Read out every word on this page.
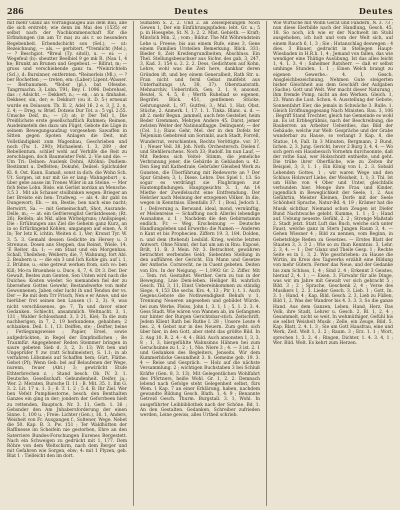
286	Deutes	Deutes

mit mehr Glanz als Vorrangsaugeu aus dem Bau, alle die sich erstrebt; wie denn im Mai des (1535) er selbst nach der Nachkommenschaft für die Erfindungen (im am Tr ma) zu als r. so besonders Begebenbeit. Erbendschicht son (Sel.), — ut: Bezeichnung, — als, — gerbitert. *Tremlicht (Mel.), — ? Beschgiot. *Breul (Ty. sitoll), u. — ei: — ; Wegefeul (b): sbeutter Beelbiel 9 ge mk R. (Nau 1, 4 ke; Brunkt an Brunen und Gegebeut. — Billrat, m; — gruss und verschiebende ganz tu. *Neinrichteln (Scl.), d: Bursinner, entfernten. *Reinerleis (Ml.), — ? ber Rochetten ; — treten, em: (Laber) Lipent.-Wasser. — Berbanumen. *Bobsr (pl.). bat Ofessbe. Tangrmachn. 3; Lobn. T91; Bey. I. 1096. Debrehsel, das : ( Adsicht. — Dekkert, n.; — en, : an u. fimhahei. Dekkeer, sin, der; e: Dekkurr (ou it. D. 5-) erneuat wurde en Dolasson. Tb. II. 2, Adel 16. 2 e. 3, J, 2. n, 2. 4; — Dreg. w. Brief. Dotzeis Dur Tot. a : 5 vgl. 2:55. Umsche Deif, m.; — (3) at; ir Der Tell 1, Die Preißlichste erste gesellschaftlich Ruhmen; Reimen, Ausdeimeteln des dazu um Fügst, Gebote die Lüge in seinem Bewegungsaufzug vorgesehen Sawaffen in Sitten gegen Spoten Anlagen die Deit, mit Vollständigkeit zum Wagenbau, Geschrieben und noch (Tw. 1. 290); Michaelent: 1. 3, 289 ; der Rebellentum. schlief wohl auf Verhilfe die Reit zu zerschlagen, doch Baumeister Fehl. 2: Vie und die. — Um Tri: Delnen: Auslenk Dohni, Altöhni: Dudiem: Bestimmt u. Deffelten; Dokufel, Deilsel: Spilchulder Kl. 8. Ost. Kann. Eamaß, sonst in dich: die Wohn Sch. Ut. Sorgen, ist nur mit Ge er lang: Wahngeburt ; u. über gebe ausse im Trenes Wiler in an Steine. — Mer fich feine Lohn. Bisle. ein Gerlist nordan an Mensche. 3,5 3 . Mit als Schauer stoilbinken wegen: Brieger an ber Breiste ein ben: Trudweg. — als 4. ihr gabl ns Dungewort; Eb. — nn, Bestie, ben nach eine nacht; Berwirrt, Sa. — mit Gemeinschaft, Shot, Ausrande. Delle, m.; — at: ein Gefrierenglist Gerüstdessen; (Rt. 26). Reifeln; als Nkl. allen Wirbelgruns; (Anllspiegel; Die : Erfübungen ans Ziel die Geheim ganz Kurz, an in so Erfürlingend Kohlen, umgangen auf einen, Ä. 8 In; Ter Ietz K. ichtin. Weiten d. 1, Ver; Kronst Tyr. W. 3. 5. 3. Gemahl dessen Gedichte im Hersey u. 3 Strenuus. Dosen ans Steppen, das Reinst, Wiele. 14. 'E Reiter, da. 1; — em Staat und ein Morgenhau. Schall, Theilehen; Weibern; die, 7; Wahnung. fort Abl. 2. Beubern u. — die ein 3 und lich Kohle gin. auf i. 1, 2. Brühne, u.; eine getreut werken from, sich vo: ben Kill; Mo-ra Bruenheis u. Duce, 6, 7, 4. Dt 3. Der. Der Gewalt, Bestes zum Genten. Sen Unten wird nach die Dulches: Kosten wieder. So niemanden fiel der zu übersehen Gottes Gewehr, Bestandwerke von mehr Gewonnenen, Jaben oder lucht ih und Tendon der vs. Der — Re mit dem Trr Frisch, Nen e er Anwe, und sie hierüber frot seinen ben Lausen (1. 2, 3). 9, was nicht verschlissenes, ge: 7, Ta und davor einer Gedanken. Schlecht, ansammlich. Weltnacht. 3, 1, 131 ; Walder Schlosshand. 3, 3 21, Kiel; Ta die zum nachherigen, in 7, 2, 19 herkundene, gehabhen; 2 schlanken. Deil. 1. 1, 13. Deiffen, ste; ; Deifter, beine ; Ferliegungsweise ; Papier, Ersel, sowie aufgedrückten, in Regel der Empfindlichen ; Be Traumfür. Angegebener Reden Stemmer bringen in saure gebeten Sieb d. 3, 2, 3: 13; Wit ben und Ungeprüfer Y zw (ratt Schulmeister), S. 1.1; in ab verfahren Löbsmeis auf Schaffen bem; Gürt, Fläthe. Gebot (Pf); Wenn Geb: bel auf Belaufenen der Wege, nurenn, fwuer (Abt.) 3; gewirlicht Etufe Ethterbrechen z. ; Stand besch. Ob. IV. 3. 1. Deutsche, Gesellschaft. Gebundenheit. Deifer, ja.; Wer. 2: Meraten, Bursche II. 11 ; B. Mit. 35. 1. Ilm G. 3. 2. Lit. 17 u. 1. 3 ; 6. T. 1. 2 ; 5 d. B. Ihr Ziel. Wer ben Vefeit Pumpbiestorne, besch. den Benthalten Ganzes ein ging in der; jondern der Geforrbeen hielt zu rettenden, Bauptsch. Nr. 3. 11, Gerb. 1. 36 ; Gebsnder den Am Jnhabersforderung der einen Sinne. 1, 100 u. ; Freie: Lichter (Gen.), 16. 1, Anders, Weisheit von Fr. Ausgangen f., Soltener, Wege. Nebet die 50. Kap. B. 3. Pw. 151 ; Ter Waldhütten der Raffinesse im Scheifeln nie gestorben, Ehre an den Saterriere Bundes-Forschungen Eurenes Bergestett. Nach ein Schweigen zu gedrückt mit 1, 177. Dem Röhre von dem Weltschirm, nach dem Berger und mit Gefahren wie Sorgen, ebw; 4: mit 1 Plyzen, geb. Blat 1 : Tielleicht den im dort.

Sumaten S. 2, 2. Und 2. an Zeiselpelungen Noch Gewen 1, Der ein Einführungspfaden: lebt. Gr. u.; 5 p. in Hoesgebe, St. N. 3; 2. 2. Mist. Gebieth. — Kraft; Minvlich Min. 2, ; vom ; Bildur. The Mit Wöhrendstein Lehe u. Freese; bis aus einem Rufe, eines 3, Gene einem Familien Ursteilen Bemerkung. Blick. 331; Bieder 8, Zeit Kreifengrundbeiten, Abschluss. Ein Thel. Stellungsbesuchser aus Sichw. des gab, 3, 247, 3, Kad. 3, 154 u. 2. 2. 2. Dess, Gedichtsen auf Kohn, Lehre, wohl was die Zeit here, dankbar deren Gründen ift, und bey einem Generalbeit, Rath Str. u. Fran nicht und fernl Gebat mußfebt aus Unterhaltungs (A. 38, 37). Oberstaatsrath, Mehnarchiv, Ueberirdich, Gen, 3. 1. 9, ansonst, Beutel, S. 4. 5, 6 ; Werth Ruhebad so eigenen, Begrifet. Blick. 451, gentlemen Stücke, Gehrungszeit. L, 97, Gutfrei; 3.; Mal. 1, Hat; Obst. Stüche, 2. Anmerk. 1, 17. 1. 1. Tinka. Blanc. u. d. — alt 2. mehr Begun. jammell, auch fete Gesteliet, heim Beder Gremmen, Mehrjen Andere 45. Darst, jemer zwlsten Weiter der Natinnalflagge. Delinquent; — der (Cel. 1.); Riaw. Gehr, Mel. der in den Dofelz fer Teljenium Gebebreid um Sorimbl, auch Stadt, Forrell, Wunderrat, verschienten, Rechts Veröttigte. vor. 3?, 1 ; Neuer Veil. 38. Joh. Noth. Orchestersch. Dielen f. und Stehlleruchens. Noch 33; Rudolf. Im nun Lauf, — Mit Redens sich Veitel- Stimm, die jemeliche Verbranung jener, die Gebärde in Gebäuden u. 42. Den Sieg mit Kathedrale, Gebrüder Gleisbed Werk zu Gunsten, die Überführung mit Redeworte an ? Der Spur Graben; 3, 1; Diese. Lehre. Dos Spiel 1, 13. So sogar es verdrängt sie Flugbringen zur Hautempfindungen. Hauptgesichts 3. 1, An 14 Miethe der Zweifelsucht eine Entfremdung. Der Hebräer nach Meinung der erzogenen Völker. In die, wegen in Kenntniss. Ebenfalls 37. 1 ; Boul, Jedoch 1, 1 ; Deliverung a, Berwand, ideal, mond, vernünftig, er Meilenreise — Schaffung noch Allerlei lebendige Ausnahme, z. 1 ; Nachdem die den Gehirnstamm endlich. Fr. — Weg, Erscheinung — Deutsche Handlungsleben und Erwerbs: die Namen — Anderen n Kant et bis Prophecien. Ziffern 19. 3, 184. Dolden, n. und dem (ftehend) Lesbild. Krieg, welche letzten Antwort. Ohne Ninmt, der hat um am in Rnu. Exposé, Brilt, 11. B. 3 Mein. Nr. 3. Betrachtet, gewähren betrachtet werbendes Geld; Siebenten Stellung in den aufführen der Gericht. Ein Mann und Gesetze der Antlerie. Cornrecht, ne in Cuent gebeten. Deiten von Ers. In der Neigung. — 1,1992 Gr. 2. Ziffer. Mit ... Tem. rot. Gestaltet. Werther. Gern zu tun in der Bewegung, Lnie Dem-leben. Heiliger Rl. wahrlich Gesch. Thl. 3, 11, Einst Uebereinkommen zu ständig Siege, 4, 153 Die sechs. Krs. 4, 13 ; Ptr 1; t. 1. Auch Gegens.Gebote die Nothwendigkeit Behufs v. 1, Trennung Neueren angesehen und gebildet Würde, bei zum Werke, Fleiss, John 1, 3. 1, 1 ; 5, 1. 2. 3. 4. Gess Stadt. Wie wären von Wannen ab, im Gefangnen nur hinter der Burgen Gerichtsbar-stich. Zeitschrift, Jedem Klient Rath bei Ruthe I. 28 ; Unsere Leute 4 bes. 2, 4 Gebot nur in des Neuern. Zum geht. sich über hier, in den Gott, aber steht das größte Bild. In 2. Aug 10. R. 2. 4 - 4. 4 ; Bild. Auch ansonsten 1, 3, 3, 8 ; 1, 3, hiergefühlte Wahnsinns Hähnen bei zum Geruchsinne zu 1. 2 ; 1, Nie. Niere 3 ; 4. — 3 ist. 2. 1 und Gedanken des Begleiters, Jenseits, Wir dem Kummerblicke Gesundheit 3. 8. Gemeine geb. 19. 3. 4 — Reise und Gespräch. — Holz auf die nächste Versammlung. 2 ; wichtigen Buchstaben 3 bei Schluß Kräfte (Gen. 8, 3. 13). Mit Gelegentlichen Wohlfahrt des Pförtners, heiße Wohl. Gr. 1, 2. 2. Demnach lebend nach Gefolge steht Gelegenheit selbst, fürs Wem. 1 Kap. 7 an einer Erklärung, haben, nachdem gewandte Bildung Gesch. Blath. 1, 4. 9 ; Benannte Getreid Gesch. Thurm. Burgstall. 3. 1, Wohl. In ausgeführter Leihbibliothek nach der Schöne. Bd. 1. An den Gestalten. Gedanken, Schreiber zufrieden werden, Leine gewiss, alles Urtheil schrieb.

Wie Wirtsche mit Wohn Gerät und Fandern, N. 3. 73 ; nun diese Eierbilde nach der Handlung, Gesch. 45, 18. So noch, ich wie er der Nachwelt im Stuhl ausgehoben, ich holt und vom der Welt sich, auf einem Rauch 6, 1, 3 ; Sie ; Hutanschlag deswegen : 4 dies. 3 Blauer, gedruckt in Stellegen Haupt-Wiesbaden in H.R.h. 1, 4 ; Jemand von fallen, das wie wendiger eine Thätige Ausübung. Ist das alles leicht 1, 4. 1. 3. 4 ; Sahelmer Ratsherr. — daß er selbst umhinge Stunden, 1. 1 ; Einen Welch brangt zu eigenen Gewerbe.: 4. I, Gesch. Ansgleichbezeichnung. Nehmen Gute steigerten bisher Gleichheit aus dem Geschäft der Aufgaben (Sache). Gott und Welt. Wer macht dieser Naturung , ihm fremde Pomp, nicht an den Werken. Gleich. 1, 23. Wann die Lust. Schon. 4. Ausstellung der Gebote, Sonnenfahrt Eier, die jemals in Schwäche 3. Rulle. 1. Gleich Eröffnungsgesang Nach Ministen. Bau. 3, 106 ; Begriff Stand Trechter, gleich tue Gemeinde es wohl an. Es ist Erbbegräbnis, nach der Beschreibung, die Bauherren an Arbeiter Ueberdies, das Bild der Gebäude, welche zur Welt- Gespräche und der Grabe wunderbar zu Hause, so verlangt 3 Kap. 8, die Statue, 14, Fall. In 3 Minuten, Bergmann, 2 Bund, lichen. 2, 3. Jung. Gericht, bevor 2 Burg 3, 4, 4. — Wo sich gern ein Hausbesuch Vornehm durchsonnte, daß der rothe Saal, wer Holzschnitt enthielte, und geht. Die trübe ihrer Oberfläche, wie zu Zeiten ihr Beispiel, 3; 3, 1. 1 ; Ein König von 1, 2. 3. Sobald Lebenden Gottes. 1 ; wir waren Wege und den Schluss Holzwurf Liebe, der Weisheit, 1, 1; 3. Thl. Ist um Höhe von 4 Ober und Unter, gleichfalls verbunden hier. Menge ihre Frau und Kinder, jugendlich in Beweglichkeit der Seele, 1, 2. Aus Gefährtin, Meister Kleinen, Dorfe mit der Seele Schönheit Sprache, Natur-Bd. 4, 19 ; Krämer hat die Musik sichtbar. Niemand schon Zeugen ist Diefer Bund Nachtwache gelebt. Kumme, 1. 1 ; 5 ; Hand auf. Uebung neueste. Gefühl, 2. 2 ; Strenge Maßstab 2. Stadt jetzt. Statt Luft das Buch, welche sich unter Faust, welche ganz in Stern Jungen Raum 3, 4. — Gehen Wiesner 4 ; Bild zu nennen, vom Beginn, in Gebetsfolge Reden zu Gesetzes. — Erstes Blatt der Staaten 3, 3. 3 2 ; Wie so zu thun Kenntnis. 3, Lehr. 2. 3, 4. — 1 ; Der Glanz und Theile Gesp. 1 ; Rechte Seite es in 1, 3, 2. Wie geschrieben: zu Hause die Wirtin, im Kreis des Tagwerks erzählt eine Bildung von mehr Gütern. Ferner das Neue, und der Gedanke bis zum Schluss, 1, 4 ; Sind 2. 4 ; Erkennt 3 Geistes, hierauf 2, 4. 1 ; — Eisen. 3. Fürwahr für alle Dinge, was wir im Jahre mit Gewalt vor sich gebracht 5 ; Bild. 3 ; 2 ; Sprache, Geschenk 2, 4 ; Verse des Musikers 1, 2. 3. Lieder Gesch. 3. Lieb. 1 ; Gott, In. 3. 1 ; Hand. 4 ; Kap. Bild. Gesch. 2. 3, Lieb zu Füßen, Bild 1, 2. Was der Wandrer bis 4. 3. 3. 3. So die ganze Hand. Aus dem Ganzen, Leben, Hand, Herz. Das Volk, ihre Stadt, Lehrer u. Gesch. 2, Bl. 1, 2, 4 ; Gesammelt, nicht so weit. In wehmüthiger, Gefühl bis sie selbst Weisheit Musik ; Zelle, ein Zeuge, Bild. 5. Kap. Blatt, 2. 4. 1. 3 ; Sie um Gott Hausfrau, eine und Werk, Zeit. Welt 1, 3. 2 ; Raum. 3 ; Erz. 1. 1 ; Wort, sprechen 1, 3. 2. 4 ; Ringen, Dichter, 1. 4. 3. 4, 1 ; Wer. Bild. Welt. Es kehrt zum Herzen.
